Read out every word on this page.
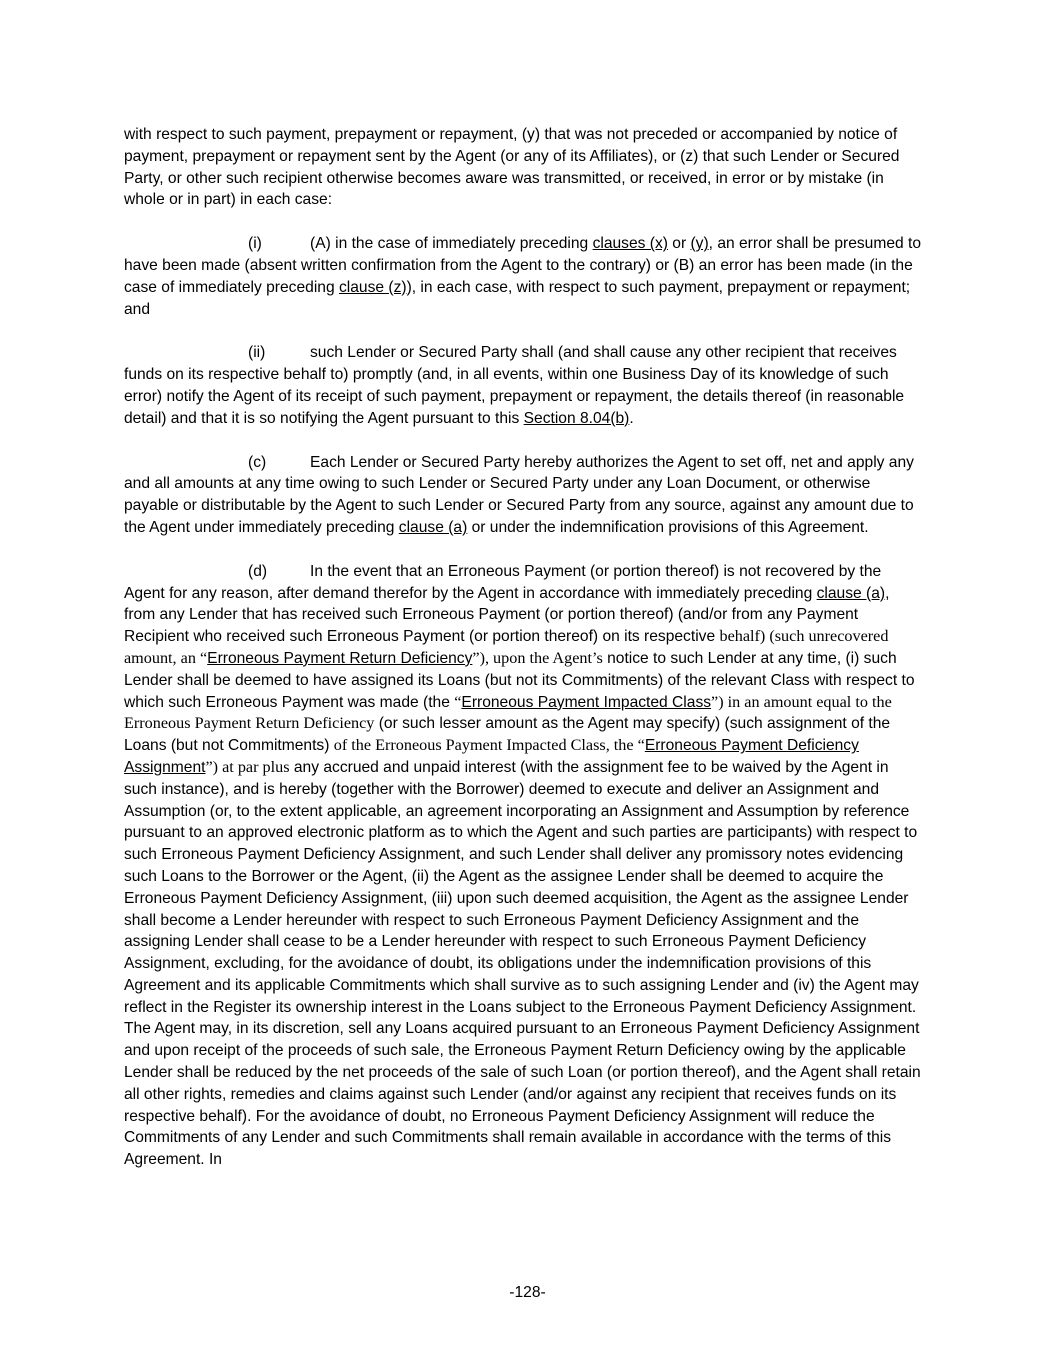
with respect to such payment, prepayment or repayment, (y) that was not preceded or accompanied by notice of payment, prepayment or repayment sent by the Agent (or any of its Affiliates), or (z) that such Lender or Secured Party, or other such recipient otherwise becomes aware was transmitted, or received, in error or by mistake (in whole or in part) in each case:

(i)	(A) in the case of immediately preceding clauses (x) or (y), an error shall be presumed to have been made (absent written confirmation from the Agent to the contrary) or (B) an error has been made (in the case of immediately preceding clause (z)), in each case, with respect to such payment, prepayment or repayment; and

(ii)	such Lender or Secured Party shall (and shall cause any other recipient that receives funds on its respective behalf to) promptly (and, in all events, within one Business Day of its knowledge of such error) notify the Agent of its receipt of such payment, prepayment or repayment, the details thereof (in reasonable detail) and that it is so notifying the Agent pursuant to this Section 8.04(b).

(c)	Each Lender or Secured Party hereby authorizes the Agent to set off, net and apply any and all amounts at any time owing to such Lender or Secured Party under any Loan Document, or otherwise payable or distributable by the Agent to such Lender or Secured Party from any source, against any amount due to the Agent under immediately preceding clause (a) or under the indemnification provisions of this Agreement.

(d)	In the event that an Erroneous Payment (or portion thereof) is not recovered by the Agent for any reason, after demand therefor by the Agent in accordance with immediately preceding clause (a), from any Lender that has received such Erroneous Payment (or portion thereof) (and/or from any Payment Recipient who received such Erroneous Payment (or portion thereof) on its respective behalf) (such unrecovered amount, an “Erroneous Payment Return Deficiency”), upon the Agent’s notice to such Lender at any time, (i) such Lender shall be deemed to have assigned its Loans (but not its Commitments) of the relevant Class with respect to which such Erroneous Payment was made (the “Erroneous Payment Impacted Class”) in an amount equal to the Erroneous Payment Return Deficiency (or such lesser amount as the Agent may specify) (such assignment of the Loans (but not Commitments) of the Erroneous Payment Impacted Class, the “Erroneous Payment Deficiency Assignment”) at par plus any accrued and unpaid interest (with the assignment fee to be waived by the Agent in such instance), and is hereby (together with the Borrower) deemed to execute and deliver an Assignment and Assumption (or, to the extent applicable, an agreement incorporating an Assignment and Assumption by reference pursuant to an approved electronic platform as to which the Agent and such parties are participants) with respect to such Erroneous Payment Deficiency Assignment, and such Lender shall deliver any promissory notes evidencing such Loans to the Borrower or the Agent, (ii) the Agent as the assignee Lender shall be deemed to acquire the Erroneous Payment Deficiency Assignment, (iii) upon such deemed acquisition, the Agent as the assignee Lender shall become a Lender hereunder with respect to such Erroneous Payment Deficiency Assignment and the assigning Lender shall cease to be a Lender hereunder with respect to such Erroneous Payment Deficiency Assignment, excluding, for the avoidance of doubt, its obligations under the indemnification provisions of this Agreement and its applicable Commitments which shall survive as to such assigning Lender and (iv) the Agent may reflect in the Register its ownership interest in the Loans subject to the Erroneous Payment Deficiency Assignment. The Agent may, in its discretion, sell any Loans acquired pursuant to an Erroneous Payment Deficiency Assignment and upon receipt of the proceeds of such sale, the Erroneous Payment Return Deficiency owing by the applicable Lender shall be reduced by the net proceeds of the sale of such Loan (or portion thereof), and the Agent shall retain all other rights, remedies and claims against such Lender (and/or against any recipient that receives funds on its respective behalf). For the avoidance of doubt, no Erroneous Payment Deficiency Assignment will reduce the Commitments of any Lender and such Commitments shall remain available in accordance with the terms of this Agreement. In

-128-
